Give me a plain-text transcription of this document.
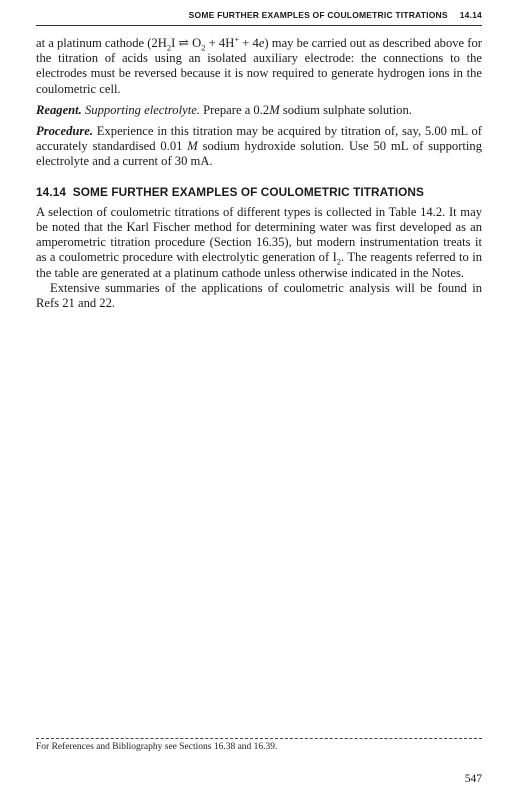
SOME FURTHER EXAMPLES OF COULOMETRIC TITRATIONS 14.14

at a platinum cathode ($2H_2I$ ⇌ $O_2 + 4H^+ + 4e$) may be carried out as described above for the titration of acids using an isolated auxiliary electrode: the connections to the electrodes must be reversed because it is now required to generate hydrogen ions in the coulometric cell.

Reagent. Supporting electrolyte. Prepare a 0.2M sodium sulphate solution.

Procedure. Experience in this titration may be acquired by titration of, say, 5.00 mL of accurately standardised 0.01 M sodium hydroxide solution. Use 50 mL of supporting electrolyte and a current of 30 mA.

14.14 SOME FURTHER EXAMPLES OF COULOMETRIC TITRATIONS

A selection of coulometric titrations of different types is collected in Table 14.2. It may be noted that the Karl Fischer method for determining water was first developed as an amperometric titration procedure (Section 16.35), but modern instrumentation treats it as a coulometric procedure with electrolytic generation of $I_2$. The reagents referred to in the table are generated at a platinum cathode unless otherwise indicated in the Notes.

Extensive summaries of the applications of coulometric analysis will be found in Refs 21 and 22.

For References and Bibliography see Sections 16.38 and 16.39.
547
